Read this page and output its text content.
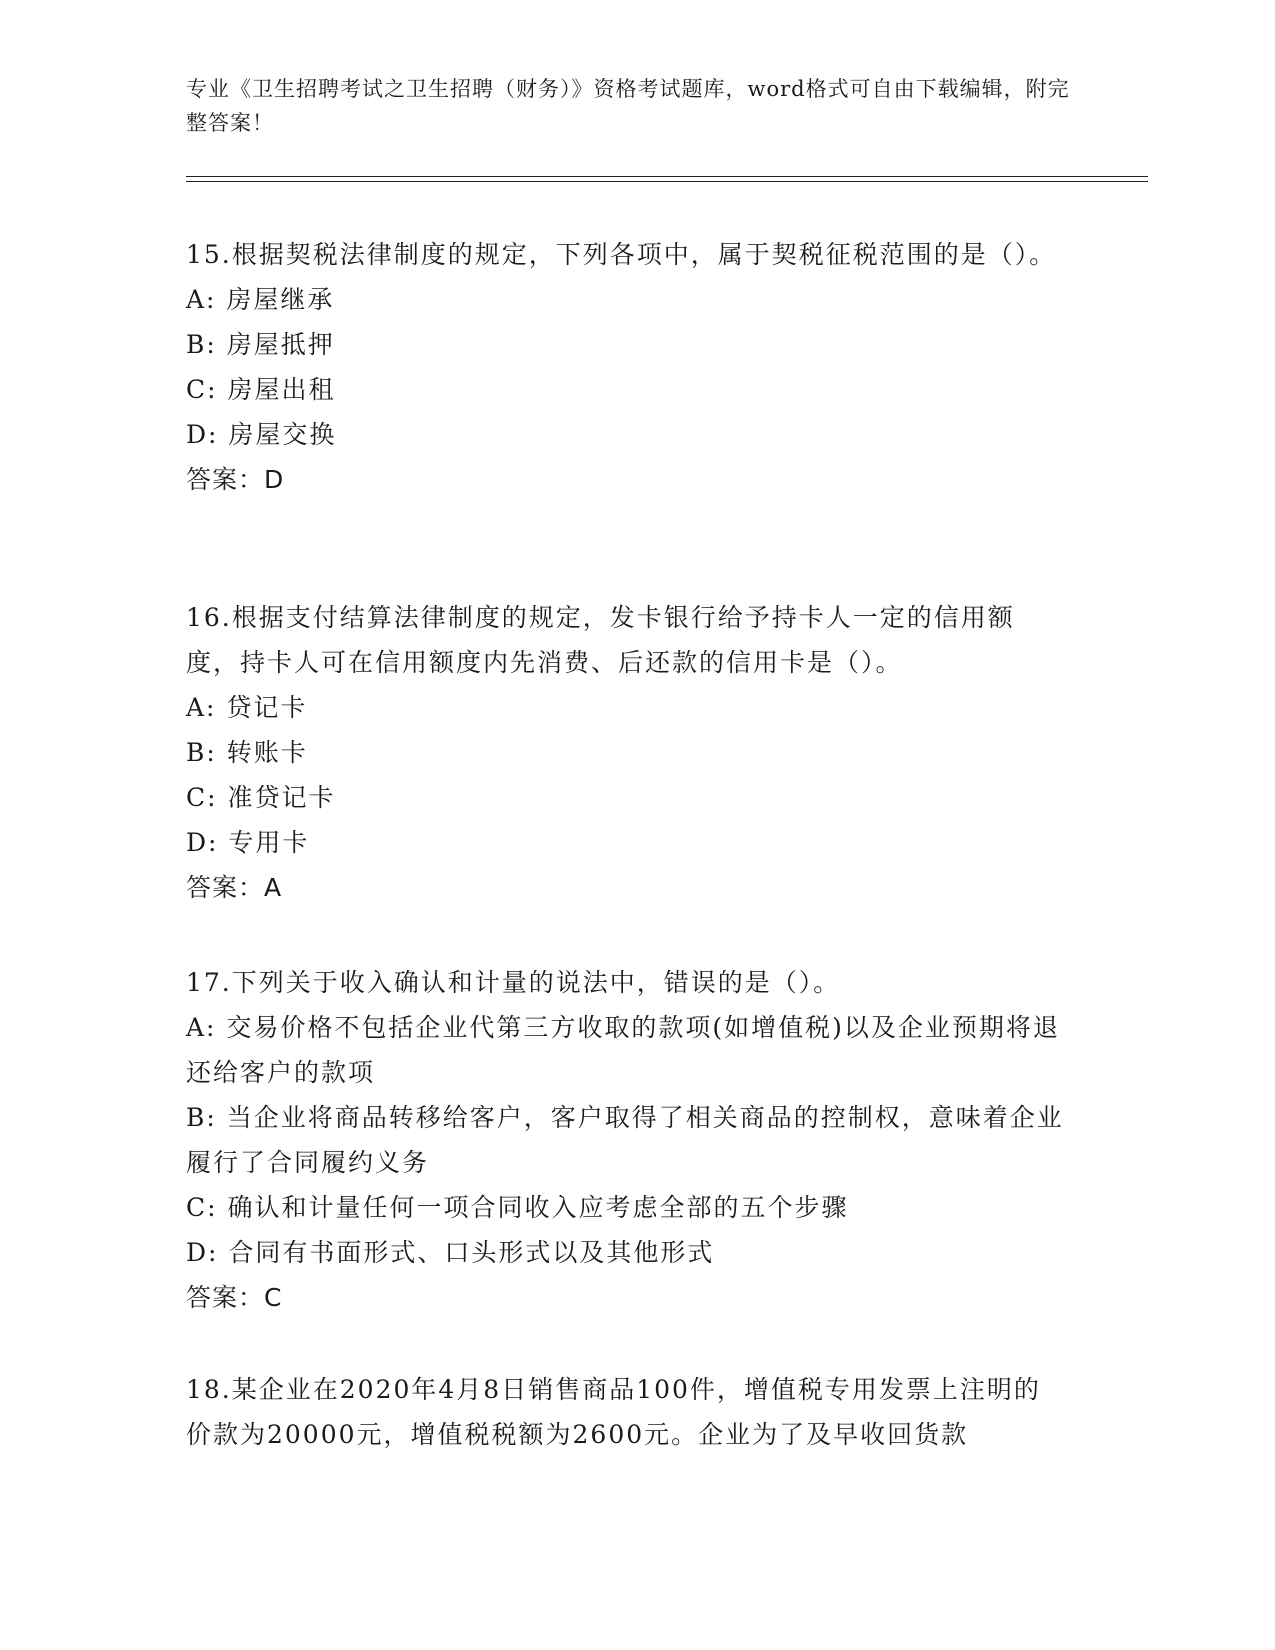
专业《卫生招聘考试之卫生招聘（财务）》资格考试题库，word格式可自由下载编辑，附完整答案！

15.根据契税法律制度的规定，下列各项中，属于契税征税范围的是（）。

A: 房屋继承

B: 房屋抵押

C: 房屋出租

D: 房屋交换

答案：D

16.根据支付结算法律制度的规定，发卡银行给予持卡人一定的信用额度，持卡人可在信用额度内先消费、后还款的信用卡是（）。

A: 贷记卡

B: 转账卡

C: 准贷记卡

D: 专用卡

答案：A

17.下列关于收入确认和计量的说法中，错误的是（）。

A: 交易价格不包括企业代第三方收取的款项(如增值税)以及企业预期将退还给客户的款项

B: 当企业将商品转移给客户，客户取得了相关商品的控制权，意味着企业履行了合同履约义务

C: 确认和计量任何一项合同收入应考虑全部的五个步骤

D: 合同有书面形式、口头形式以及其他形式

答案：C

18.某企业在2020年4月8日销售商品100件，增值税专用发票上注明的价款为20000元，增值税税额为2600元。企业为了及早收回货款
